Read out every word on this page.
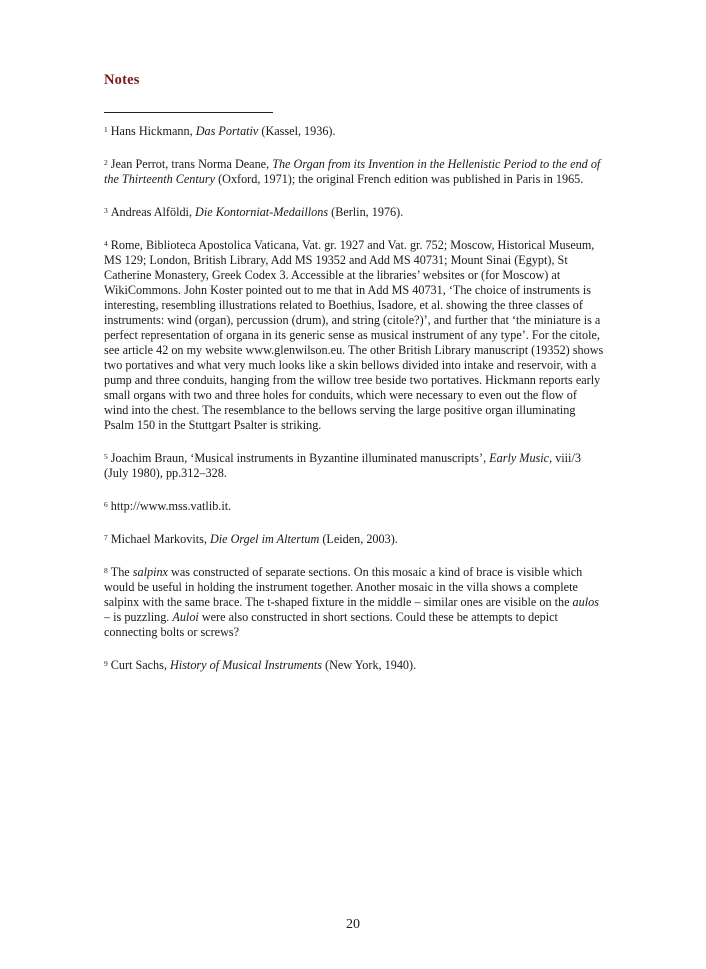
Notes

$^1$ Hans Hickmann, Das Portativ (Kassel, 1936).

$^2$ Jean Perrot, trans Norma Deane, The Organ from its Invention in the Hellenistic Period to the end of the Thirteenth Century (Oxford, 1971); the original French edition was published in Paris in 1965.

$^3$ Andreas Alföldi, Die Kontorniat-Medaillons (Berlin, 1976).

$^4$ Rome, Biblioteca Apostolica Vaticana, Vat. gr. 1927 and Vat. gr. 752; Moscow, Historical Museum, MS 129; London, British Library, Add MS 19352 and Add MS 40731; Mount Sinai (Egypt), St Catherine Monastery, Greek Codex 3. Accessible at the libraries’ websites or (for Moscow) at WikiCommons. John Koster pointed out to me that in Add MS 40731, ‘The choice of instruments is interesting, resembling illustrations related to Boethius, Isadore, et al. showing the three classes of instruments: wind (organ), percussion (drum), and string (citole?)’, and further that ‘the miniature is a perfect representation of organa in its generic sense as musical instrument of any type’. For the citole, see article 42 on my website www.glenwilson.eu. The other British Library manuscript (19352) shows two portatives and what very much looks like a skin bellows divided into intake and reservoir, with a pump and three conduits, hanging from the willow tree beside two portatives. Hickmann reports early small organs with two and three holes for conduits, which were necessary to even out the flow of wind into the chest. The resemblance to the bellows serving the large positive organ illuminating Psalm 150 in the Stuttgart Psalter is striking.

$^5$ Joachim Braun, ‘Musical instruments in Byzantine illuminated manuscripts’, Early Music, viii/3 (July 1980), pp.312–328.

$^6$ http://www.mss.vatlib.it.

$^7$ Michael Markovits, Die Orgel im Altertum (Leiden, 2003).

$^8$ The salpinx was constructed of separate sections. On this mosaic a kind of brace is visible which would be useful in holding the instrument together. Another mosaic in the villa shows a complete salpinx with the same brace. The t-shaped fixture in the middle – similar ones are visible on the aulos – is puzzling. Auloi were also constructed in short sections. Could these be attempts to depict connecting bolts or screws?

$^9$ Curt Sachs, History of Musical Instruments (New York, 1940).

20
